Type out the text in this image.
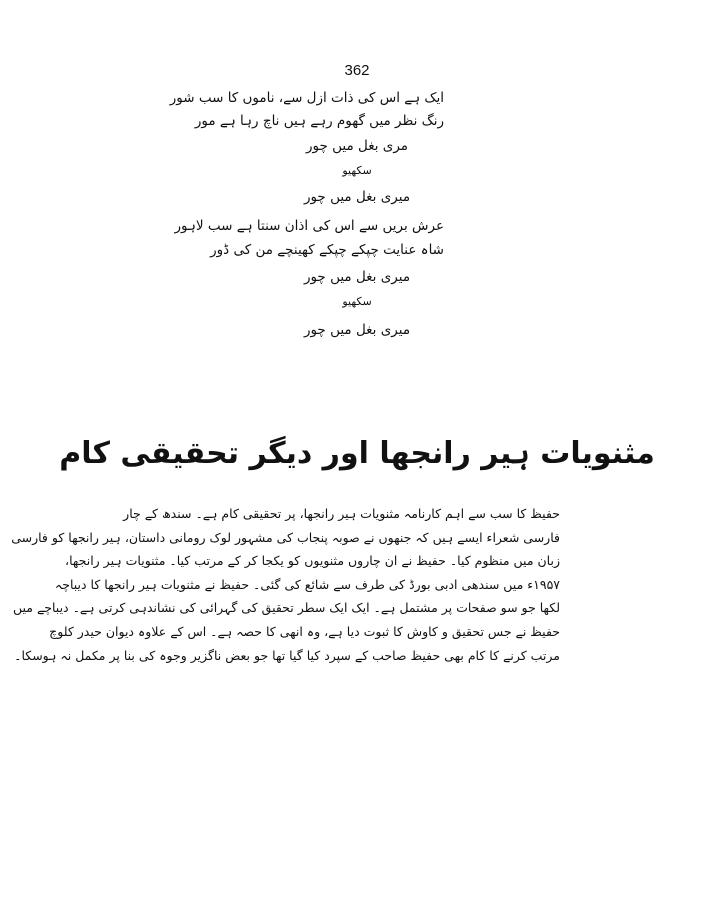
362
ایک ہے اس کی ذات ازل سے، ناموں کا سب شور
رنگ نظر میں گھوم رہے ہیں ناچ رہا ہے مور
مری بغل میں چور
سکھیو
میری بغل میں چور
عرش بریں سے اس کی اذان سنتا ہے سب لاہور
شاہ عنایت چپکے چپکے کھینچے من کی ڈور
میری بغل میں چور
سکھیو
میری بغل میں چور
مثنویات ہیر رانجھا اور دیگر تحقیقی کام
حفیظ کا سب سے اہم کارنامہ مثنویات ہیر رانجھا، پر تحقیقی کام ہے۔ سندھ کے چار
فارسی شعراء ایسے ہیں کہ جنھوں نے صوبہ پنجاب کی مشہور لوک رومانی داستان، ہیر رانجھا کو فارسی
زبان میں منظوم کیا۔ حفیظ نے ان چاروں مثنویوں کو یکجا کر کے مرتب کیا۔ مثنویات ہیر رانجھا،
۱۹۵۷ء میں سندھی ادبی بورڈ کی طرف سے شائع کی گئی۔ حفیظ نے مثنویات ہیر رانجھا کا دیباچہ
لکھا جو سو صفحات پر مشتمل ہے۔ ایک ایک سطر تحقیق کی گہرائی کی نشاندہی کرتی ہے۔ دیباچے میں
حفیظ نے جس تحقیق و کاوش کا ثبوت دیا ہے، وہ انھی کا حصہ ہے۔ اس کے علاوہ دیوان حیدر کلوچ
مرتب کرنے کا کام بھی حفیظ صاحب کے سپرد کیا گیا تھا جو بعض ناگزیر وجوہ کی بنا پر مکمل نہ ہوسکا۔
